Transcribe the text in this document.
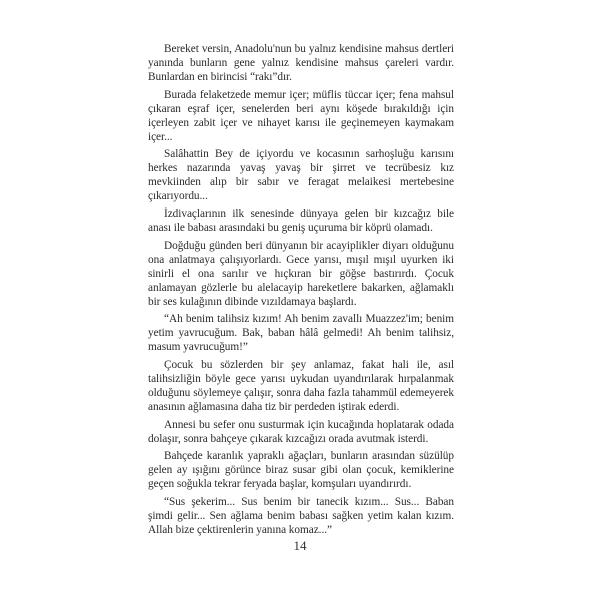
Bereket versin, Anadolu'nun bu yalnız kendisine mahsus dertleri yanında bunların gene yalnız kendisine mahsus çareleri vardır. Bunlardan en birincisi “rakı”dır.

Burada felaketzede memur içer; müflis tüccar içer; fena mahsul çıkaran eşraf içer, senelerden beri aynı köşede bırakıldığı için içerleyen zabit içer ve nihayet karısı ile geçinemeyen kaymakam içer...

Salâhattin Bey de içiyordu ve kocasının sarhoşluğu karısını herkes nazarında yavaş yavaş bir şirret ve tecrübesiz kız mevkiinden alıp bir sabır ve feragat melaikesi mertebesine çıkarıyordu...

İzdivaçlarının ilk senesinde dünyaya gelen bir kızcağız bile anası ile babası arasındaki bu geniş uçuruma bir köprü olamadı.

Doğduğu günden beri dünyanın bir acayiplikler diyarı olduğunu ona anlatmaya çalışıyorlardı. Gece yarısı, mışıl mışıl uyurken iki sinirli el ona sarılır ve hıçkıran bir göğse bastırırdı. Çocuk anlamayan gözlerle bu alelacayip hareketlere bakarken, ağlamaklı bir ses kulağının dibinde vızıldamaya başlardı.

“Ah benim talihsiz kızım! Ah benim zavallı Muazzez'im; benim yetim yavrucuğum. Bak, baban hâlâ gelmedi! Ah benim talihsiz, masum yavrucuğum!”

Çocuk bu sözlerden bir şey anlamaz, fakat hali ile, asıl talihsizliğin böyle gece yarısı uykudan uyandırılarak hırpalanmak olduğunu söylemeye çalışır, sonra daha fazla tahammül edemeyerek anasının ağlamasına daha tiz bir perdeden iştirak ederdi.

Annesi bu sefer onu susturmak için kucağında hoplatarak odada dolaşır, sonra bahçeye çıkarak kızcağızı orada avutmak isterdi.

Bahçede karanlık yapraklı ağaçları, bunların arasından süzülüp gelen ay ışığını görünce biraz susar gibi olan çocuk, kemiklerine geçen soğukla tekrar feryada başlar, komşuları uyandırırdı.

“Sus şekerim... Sus benim bir tanecik kızım... Sus... Baban şimdi gelir... Sen ağlama benim babası sağken yetim kalan kızım. Allah bize çektirenlerin yanına komaz...”

14
